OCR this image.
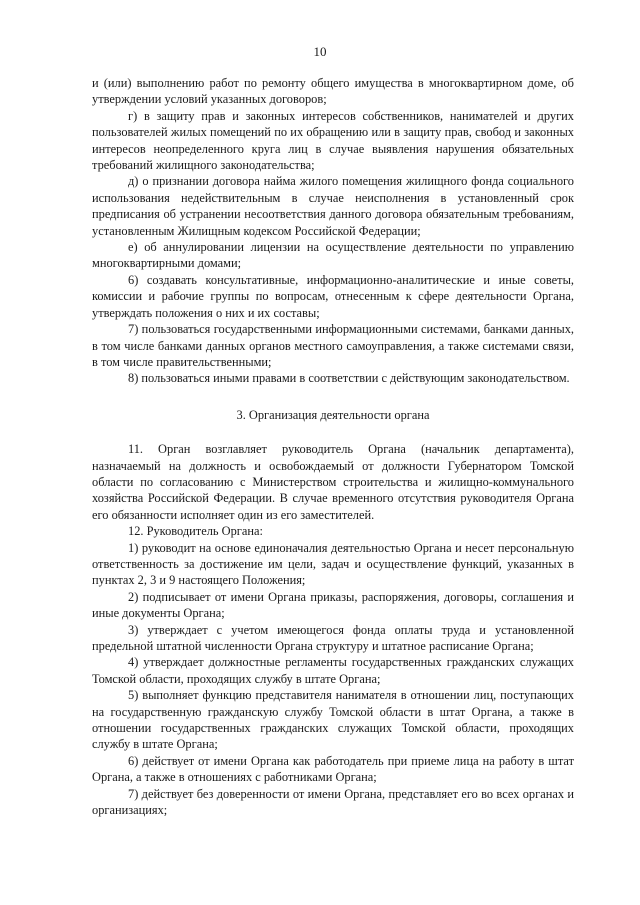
10

и (или) выполнению работ по ремонту общего имущества в многоквартирном доме, об утверждении условий указанных договоров;

г) в защиту прав и законных интересов собственников, нанимателей и других пользователей жилых помещений по их обращению или в защиту прав, свобод и законных интересов неопределенного круга лиц в случае выявления нарушения обязательных требований жилищного законодательства;

д) о признании договора найма жилого помещения жилищного фонда социального использования недействительным в случае неисполнения в установленный срок предписания об устранении несоответствия данного договора обязательным требованиям, установленным Жилищным кодексом Российской Федерации;

е) об аннулировании лицензии на осуществление деятельности по управлению многоквартирными домами;

6) создавать консультативные, информационно-аналитические и иные советы, комиссии и рабочие группы по вопросам, отнесенным к сфере деятельности Органа, утверждать положения о них и их составы;

7) пользоваться государственными информационными системами, банками данных, в том числе банками данных органов местного самоуправления, а также системами связи, в том числе правительственными;

8) пользоваться иными правами в соответствии с действующим законодательством.

3. Организация деятельности органа

11. Орган возглавляет руководитель Органа (начальник департамента), назначаемый на должность и освобождаемый от должности Губернатором Томской области по согласованию с Министерством строительства и жилищно-коммунального хозяйства Российской Федерации. В случае временного отсутствия руководителя Органа его обязанности исполняет один из его заместителей.

12. Руководитель Органа:

1) руководит на основе единоначалия деятельностью Органа и несет персональную ответственность за достижение им цели, задач и осуществление функций, указанных в пунктах 2, 3 и 9 настоящего Положения;

2) подписывает от имени Органа приказы, распоряжения, договоры, соглашения и иные документы Органа;

3) утверждает с учетом имеющегося фонда оплаты труда и установленной предельной штатной численности Органа структуру и штатное расписание Органа;

4) утверждает должностные регламенты государственных гражданских служащих Томской области, проходящих службу в штате Органа;

5) выполняет функцию представителя нанимателя в отношении лиц, поступающих на государственную гражданскую службу Томской области в штат Органа, а также в отношении государственных гражданских служащих Томской области, проходящих службу в штате Органа;

6) действует от имени Органа как работодатель при приеме лица на работу в штат Органа, а также в отношениях с работниками Органа;

7) действует без доверенности от имени Органа, представляет его во всех органах и организациях;
